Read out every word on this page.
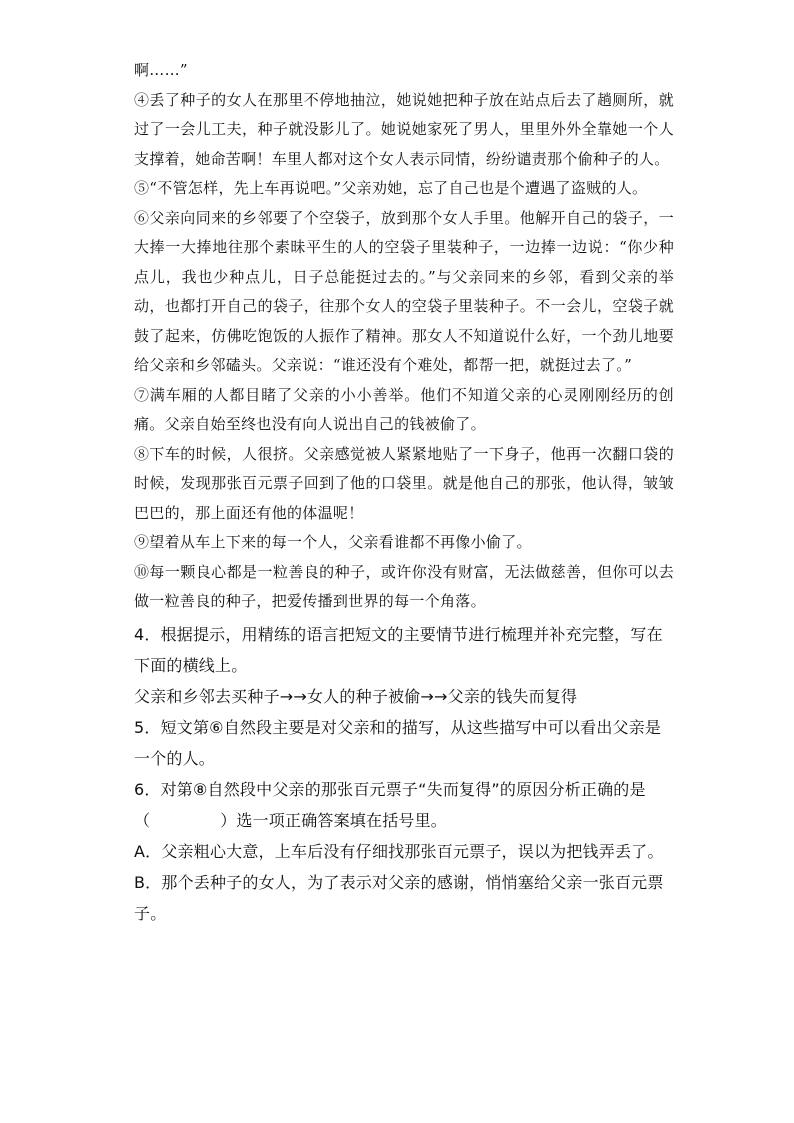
啊……”

④丢了种子的女人在那里不停地抽泣，她说她把种子放在站点后去了趟厕所，就过了一会儿工夫，种子就没影儿了。她说她家死了男人，里里外外全靠她一个人支撑着，她命苦啊！车里人都对这个女人表示同情，纷纷谴责那个偷种子的人。

⑤“不管怎样，先上车再说吧。”父亲劝她，忘了自己也是个遭遇了盗贼的人。

⑥父亲向同来的乡邻要了个空袋子，放到那个女人手里。他解开自己的袋子，一大捧一大捧地往那个素昧平生的人的空袋子里装种子，一边捧一边说：“你少种点儿，我也少种点儿，日子总能挺过去的。”与父亲同来的乡邻，看到父亲的举动，也都打开自己的袋子，往那个女人的空袋子里装种子。不一会儿，空袋子就鼓了起来，仿佛吃饱饭的人振作了精神。那女人不知道说什么好，一个劲儿地要给父亲和乡邻磕头。父亲说：“谁还没有个难处，都帮一把，就挺过去了。”

⑦满车厢的人都目睹了父亲的小小善举。他们不知道父亲的心灵刚刚经历的创痛。父亲自始至终也没有向人说出自己的钱被偷了。

⑧下车的时候，人很挤。父亲感觉被人紧紧地贴了一下身子，他再一次翻口袋的时候，发现那张百元票子回到了他的口袋里。就是他自己的那张，他认得，皱皱巴巴的，那上面还有他的体温呢！

⑨望着从车上下来的每一个人，父亲看谁都不再像小偷了。

⑩每一颗良心都是一粒善良的种子，或许你没有财富，无法做慈善，但你可以去做一粒善良的种子，把爱传播到世界的每一个角落。

4．根据提示，用精练的语言把短文的主要情节进行梳理并补充完整，写在下面的横线上。

父亲和乡邻去买种子→→女人的种子被偷→→父亲的钱失而复得

5．短文第⑥自然段主要是对父亲和的描写，从这些描写中可以看出父亲是一个的人。

6．对第⑧自然段中父亲的那张百元票子“失而复得”的原因分析正确的是

（	）选一项正确答案填在括号里。

A．父亲粗心大意，上车后没有仔细找那张百元票子，误以为把钱弄丢了。

B．那个丢种子的女人，为了表示对父亲的感谢，悄悄塞给父亲一张百元票子。
